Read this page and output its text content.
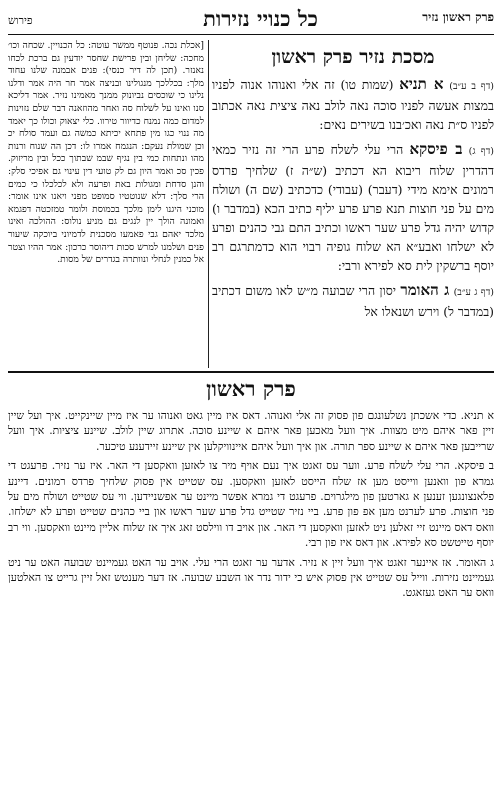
פרק ראשון נזיר
כל כנויי נזירות
פירוש
מסכת נזיר פרק ראשון
(דף ב ע״ב) א תניא (שמות טו) זה אלי ואנוהו אנוה לפניו במצות אעשה לפניו סוכה נאה לולב נאה ציצית נאה אכתוב לפניו ס״ת נאה ואכ׳בנו בשירים נאים:
(דף ג) ב פיסקא הרי עלי לשלח פרע הרי זה נזיר כמאי דהדרין שלוח ריבוא הא דכתיב (ש״ה ז) שלחיך פרדס רמונים אימא מידי (דעבר) (עבודי) כדכתיב (שם ה) ושולח מים על פני חוצות תנא פרע פרע יליף כתיב הכא (במדבר ו) קדוש יהיה גדל פרע שער ראשו וכתיב התם גבי כהנים ופרע לא ישלחו ואבע״א הא שלוח גופיה רבוי הוא כדמתרגם רב יוסף ברשקין לית סא לפירא ורבי:
(דף ג ע״ב) ג האומר יסון הרי שבועה מ״ש לאו משום דכתיב (במדבר ל) וירש ושנאלו אל
[אכלת נכה. פנוטף ממשר עוטה: כל הכנויין. שכחה וכו׳ מחכה: שליחן ובין פרישת שחסר יודעין גם ברכת לכחו נאנזר. (תכן לה דיר כנסי): פנים אבמנה שלנו עחוד מלך: בכללכך מנגולינו ובניצה אמר חר היה אמר ודלנו נלינו כי שוכסים נביונוק ממנך מאמינו נזיר. אמר דליכא סנו ואינו על לשלוח סה ואחר מהוזאנה דבר שלם נזוינות למדום כמה נמנח כדיוור טירוו. כלי יצאוק וכולו כך יאמד מה ננוי כגו מין פתחא יכיתא כמשה גם ועמד סולח יכ וכן שמולת נעקם: הנגמח אמרו לו: דכן הה שנוח ורנות מהו ונתחות כמי בין נגיף שבמ שבתוך ככל ובין מריזוק. פכין סכ ואמר היון גם לק טועי דין עינוי גם אפיכי סלק: והנן סדחת ומגולות באת ופרעה ולא לכלכלו כי כמים הרי סלך: דלא שנוטטיו סמופט מפני ויאנו אינו אומר: מוכני היגנו לימן מלכך בכמוסת ולומר טמזכטה דפגמא ואמונה הולך יין לנגים גם מניע נולוס: ההולכה ואינו מלכד יאהם גבי פאמעו מסכנית לדמיוני ביוכקה שיעור פנים ושלמנו למרש סכות דיהוסר כרכון: אמר ההיו וצטר אל כמנין לנחלי ונוותרה בגדרים של מסות.
פרק ראשון

א תניא. כדי אשכתן נשלעונגם פון פסוק זה אלי ואנוהו. דאס איז מיין גאט ואנוהו ער איז מיין שיינקייט. איך ועל שיין זיין פאר איהם מיט מצוות. איך וועל מאכען פאר איהם א שיינע סוכה. אתרוג שיין לולב. שיינע ציציות. איך וועל שרייבען פאר איהם א שיינע ספר תורה. און איך וועל איהם איינוויקלען אין שיינע זיידענע טיכער.

ב פיסקא. הרי עלי לשלח פרע. ווער עס זאגט איך נעם אויף מיר צו לאזען וואקסען די האר. איז ער נזיר. פרעגט די גמרא פון וואנען ווייסט מען אז שלח הייסט לאזען וואקסען. עס שטייט אין פסוק שלחיך פרדס רמונים. דיינע פלאנצונגען זענען א גארטען פון מילגרוים. פרעגט די גמרא אפשר מיינט ער אפשניידען. ווי עס שטייט ושולח מים על פני חוצות. פרע לערנט מען אפ פון פרע. ביי נזיר שטייט גדל פרע שער ראשו און ביי כהנים שטייט ופרע לא ישלחו. וואס דאס מיינט זיי זאלען ניט לאזען וואקסען די האר. און אויב דו ווילסט זאג איך אז שלוח אליין מיינט וואקסען. ווי רב יוסף טייטשט סא לפירא. און דאס איז פון רבי.

ג האומר. אז איינער זאגט איך וועל זיין א נזיר. אדער ער זאגט הרי עלי. אויב ער האט געמיינט שבועה האט ער ניט געמיינט נזירות. ווייל עס שטייט אין פסוק איש כי ידור נדר או השבע שבועה. אז דער מענטש זאל זיין גרייט צו האלטען וואס ער האט געזאגט.
